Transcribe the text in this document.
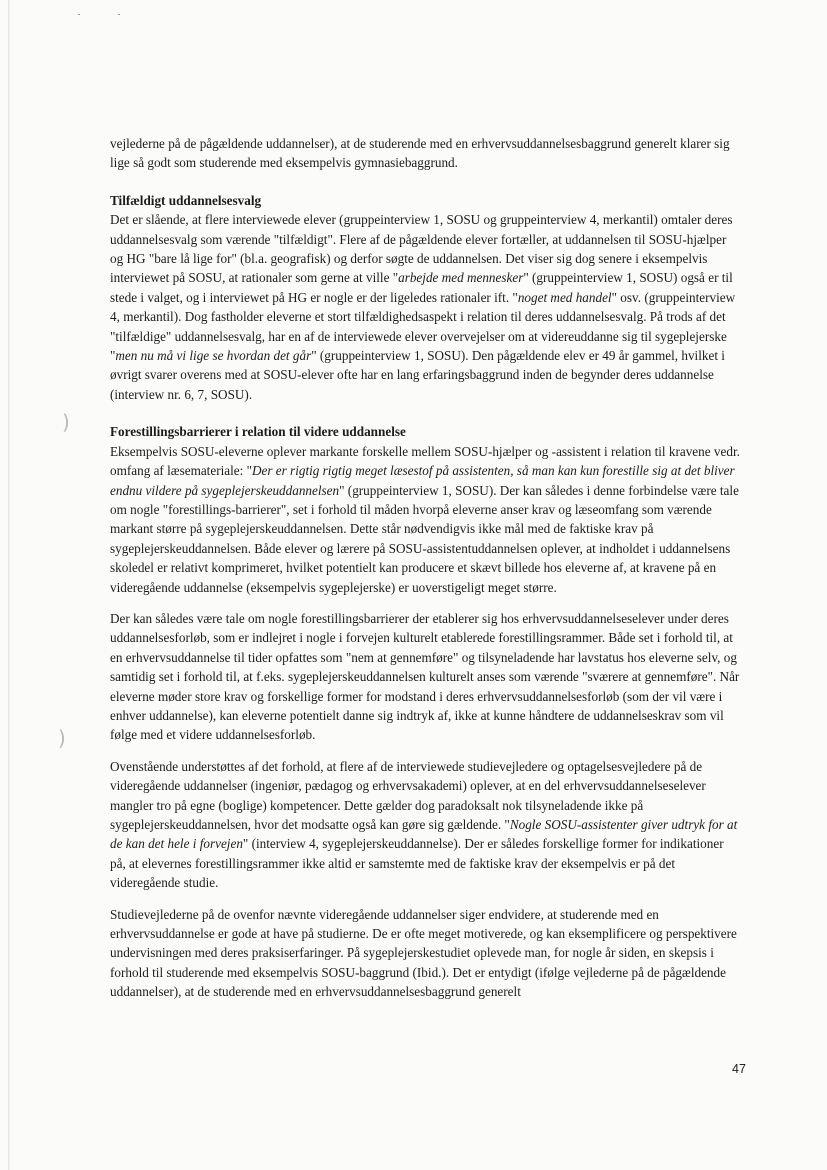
)
)

vejlederne på de pågældende uddannelser), at de studerende med en erhvervsuddannelsesbaggrund generelt klarer sig lige så godt som studerende med eksempelvis gymnasiebaggrund.

Tilfældigt uddannelsesvalg

Det er slående, at flere interviewede elever (gruppeinterview 1, SOSU og gruppeinterview 4, merkantil) omtaler deres uddannelsesvalg som værende "tilfældigt". Flere af de pågældende elever fortæller, at uddannelsen til SOSU-hjælper og HG "bare lå lige for" (bl.a. geografisk) og derfor søgte de uddannelsen. Det viser sig dog senere i eksempelvis interviewet på SOSU, at rationaler som gerne at ville "arbejde med mennesker" (gruppeinterview 1, SOSU) også er til stede i valget, og i interviewet på HG er nogle er der ligeledes rationaler ift. "noget med handel" osv. (gruppeinterview 4, merkantil). Dog fastholder eleverne et stort tilfældighedsaspekt i relation til deres uddannelsesvalg. På trods af det "tilfældige" uddannelsesvalg, har en af de interviewede elever overvejelser om at videreuddanne sig til sygeplejerske "men nu må vi lige se hvordan det går" (gruppeinterview 1, SOSU). Den pågældende elev er 49 år gammel, hvilket i øvrigt svarer overens med at SOSU-elever ofte har en lang erfaringsbaggrund inden de begynder deres uddannelse (interview nr. 6, 7, SOSU).

Forestillingsbarrierer i relation til videre uddannelse

Eksempelvis SOSU-eleverne oplever markante forskelle mellem SOSU-hjælper og -assistent i relation til kravene vedr. omfang af læsemateriale: "Der er rigtig rigtig meget læsestof på assistenten, så man kan kun forestille sig at det bliver endnu vildere på sygeplejerskeuddannelsen" (gruppeinterview 1, SOSU). Der kan således i denne forbindelse være tale om nogle "forestillings-barrierer", set i forhold til måden hvorpå eleverne anser krav og læseomfang som værende markant større på sygeplejerskeuddannelsen. Dette står nødvendigvis ikke mål med de faktiske krav på sygeplejerskeuddannelsen. Både elever og lærere på SOSU-assistentuddannelsen oplever, at indholdet i uddannelsens skoledel er relativt komprimeret, hvilket potentielt kan producere et skævt billede hos eleverne af, at kravene på en videregående uddannelse (eksempelvis sygeplejerske) er uoverstigeligt meget større.

Der kan således være tale om nogle forestillingsbarrierer der etablerer sig hos erhvervsuddannelseselever under deres uddannelsesforløb, som er indlejret i nogle i forvejen kulturelt etablerede forestillingsrammer. Både set i forhold til, at en erhvervsuddannelse til tider opfattes som "nem at gennemføre" og tilsyneladende har lavstatus hos eleverne selv, og samtidig set i forhold til, at f.eks. sygeplejerskeuddannelsen kulturelt anses som værende "sværere at gennemføre". Når eleverne møder store krav og forskellige former for modstand i deres erhvervsuddannelsesforløb (som der vil være i enhver uddannelse), kan eleverne potentielt danne sig indtryk af, ikke at kunne håndtere de uddannelseskrav som vil følge med et videre uddannelsesforløb.

Ovenstående understøttes af det forhold, at flere af de interviewede studievejledere og optagelsesvejledere på de videregående uddannelser (ingeniør, pædagog og erhvervsakademi) oplever, at en del erhvervsuddannelseselever mangler tro på egne (boglige) kompetencer. Dette gælder dog paradoksalt nok tilsyneladende ikke på sygeplejerskeuddannelsen, hvor det modsatte også kan gøre sig gældende. "Nogle SOSU-assistenter giver udtryk for at de kan det hele i forvejen" (interview 4, sygeplejerskeuddannelse). Der er således forskellige former for indikationer på, at elevernes forestillingsrammer ikke altid er samstemte med de faktiske krav der eksempelvis er på det videregående studie.

Studievejlederne på de ovenfor nævnte videregående uddannelser siger endvidere, at studerende med en erhvervsuddannelse er gode at have på studierne. De er ofte meget motiverede, og kan eksemplificere og perspektivere undervisningen med deres praksiserfaringer. På sygeplejerskestudiet oplevede man, for nogle år siden, en skepsis i forhold til studerende med eksempelvis SOSU-baggrund (Ibid.). Det er entydigt (ifølge vejlederne på de pågældende uddannelser), at de studerende med en erhvervsuddannelsesbaggrund generelt

47
